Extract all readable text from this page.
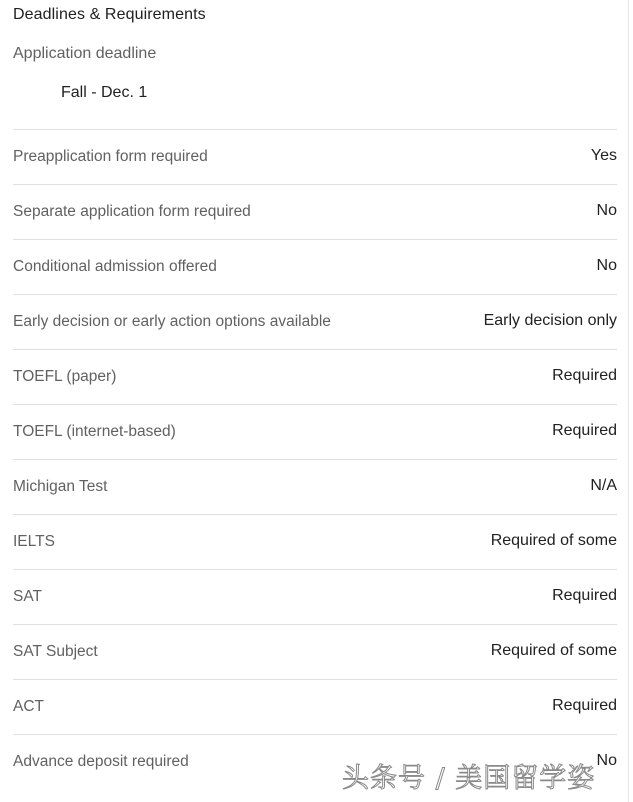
Deadlines & Requirements
Application deadline
Fall - Dec. 1
Preapplication form required	Yes
Separate application form required	No
Conditional admission offered	No
Early decision or early action options available	Early decision only
TOEFL (paper)	Required
TOEFL (internet-based)	Required
Michigan Test	N/A
IELTS	Required of some
SAT	Required
SAT Subject	Required of some
ACT	Required
Advance deposit required	No
头条号 / 美国留学姿
